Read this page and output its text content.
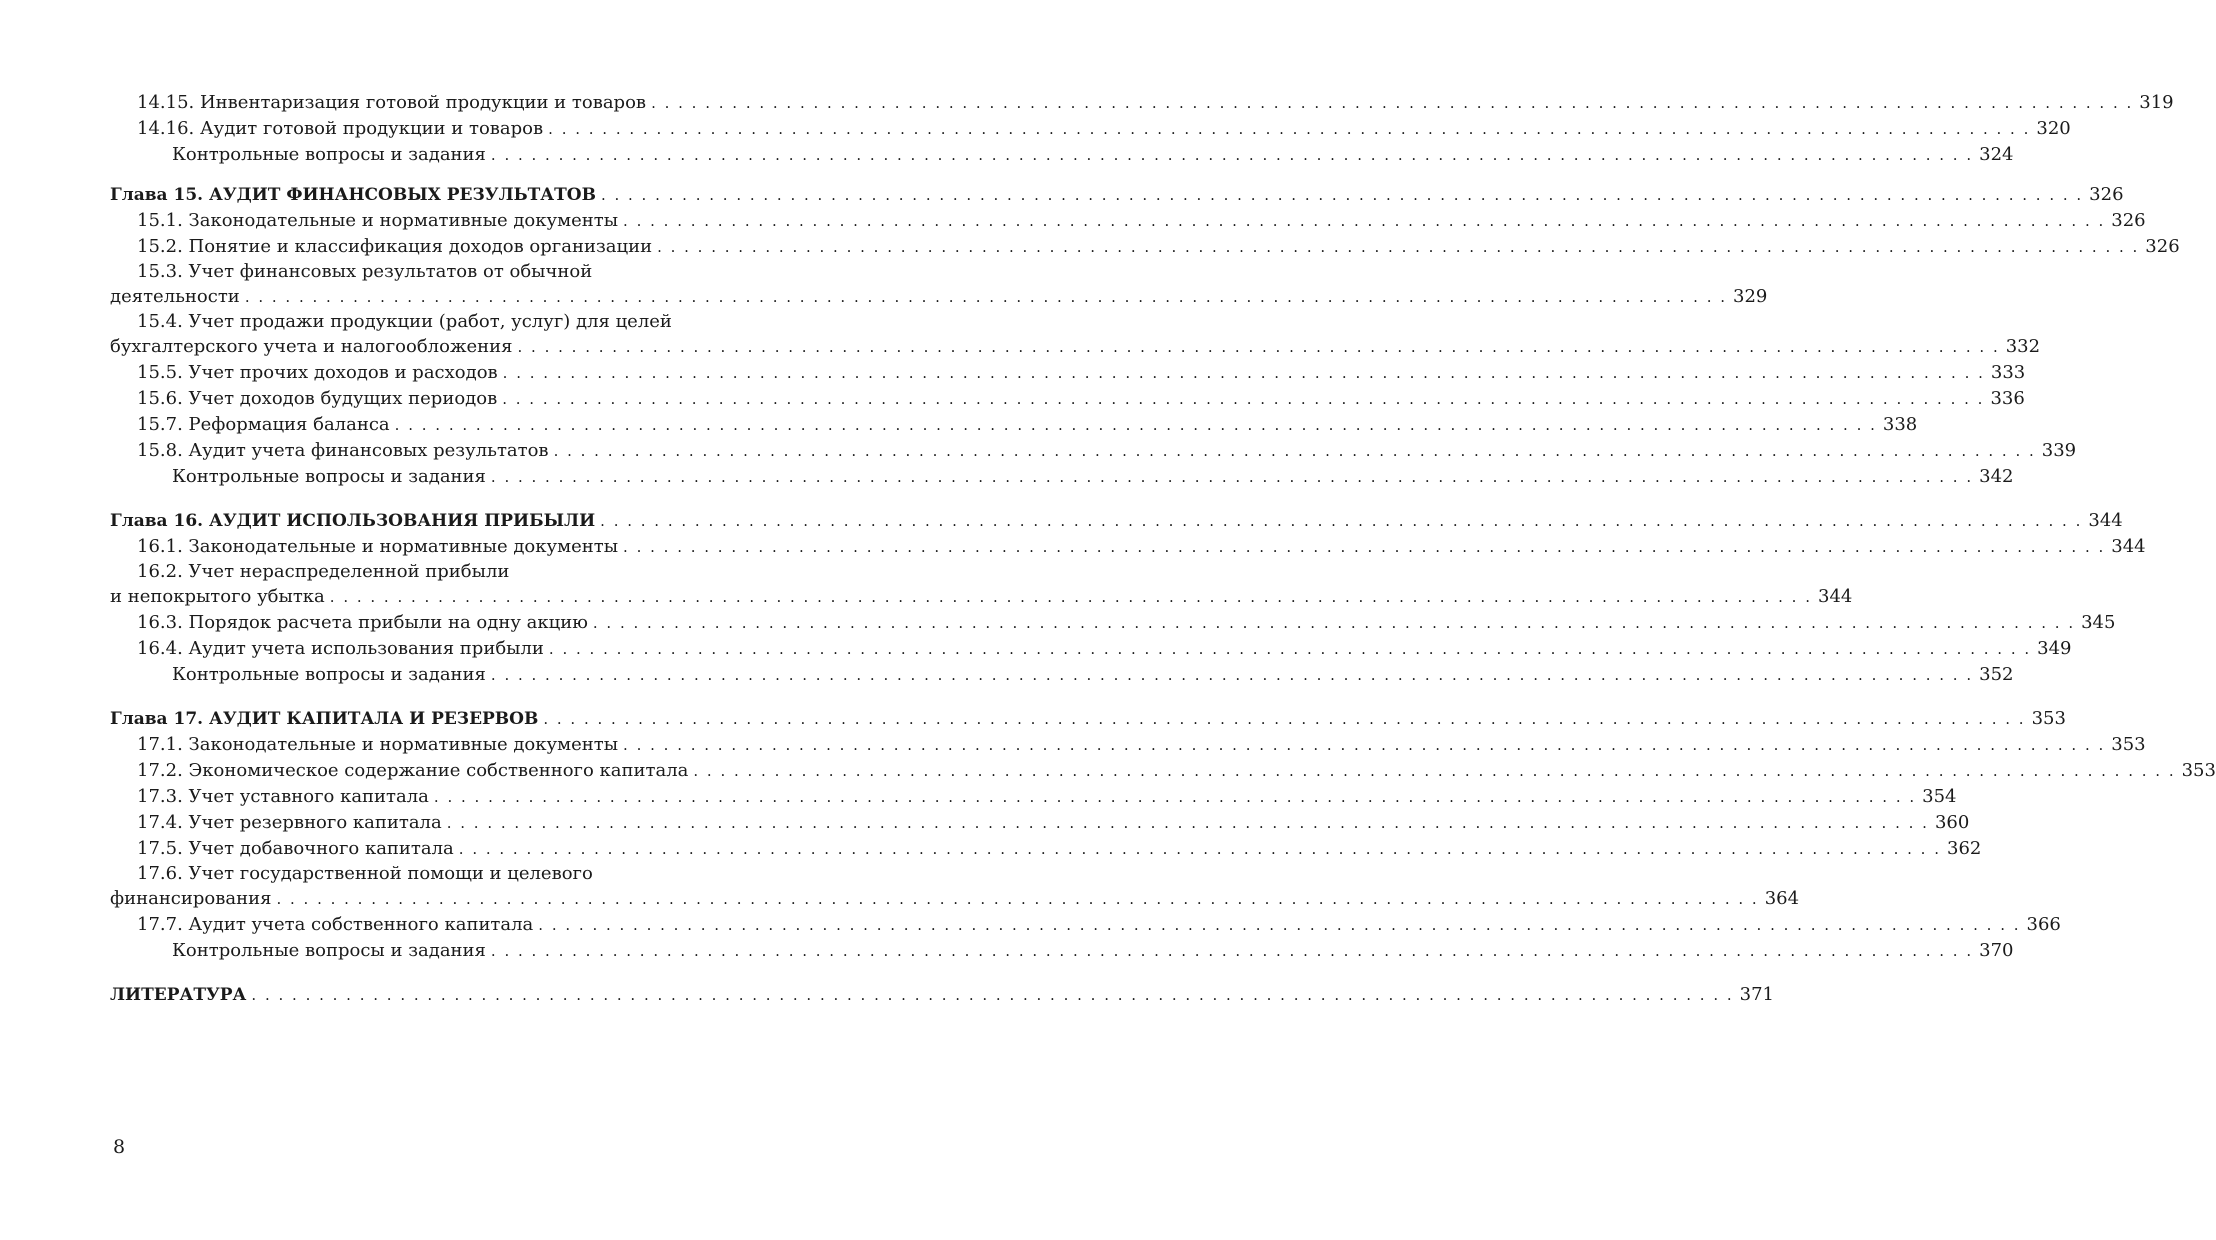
14.15. Инвентаризация готовой продукции и товаров . . .	319
14.16. Аудит готовой продукции и товаров . . .	320
Контрольные вопросы и задания . . .	324
Глава 15. АУДИТ ФИНАНСОВЫХ РЕЗУЛЬТАТОВ . . .	326
15.1. Законодательные и нормативные документы . . .	326
15.2. Понятие и классификация доходов организации . . .	326
15.3. Учет финансовых результатов от обычной
деятельности . . .	329
15.4. Учет продажи продукции (работ, услуг) для целей
бухгалтерского учета и налогообложения . . .	332
15.5. Учет прочих доходов и расходов . . .	333
15.6. Учет доходов будущих периодов . . .	336
15.7. Реформация баланса . . .	338
15.8. Аудит учета финансовых результатов . . .	339
Контрольные вопросы и задания . . .	342
Глава 16. АУДИТ ИСПОЛЬЗОВАНИЯ ПРИБЫЛИ . . .	344
16.1. Законодательные и нормативные документы . . .	344
16.2. Учет нераспределенной прибыли
и непокрытого убытка . . .	344
16.3. Порядок расчета прибыли на одну акцию . . .	345
16.4. Аудит учета использования прибыли . . .	349
Контрольные вопросы и задания . . .	352
Глава 17. АУДИТ КАПИТАЛА И РЕЗЕРВОВ . . .	353
17.1. Законодательные и нормативные документы . . .	353
17.2. Экономическое содержание собственного капитала . . .	353
17.3. Учет уставного капитала . . .	354
17.4. Учет резервного капитала . . .	360
17.5. Учет добавочного капитала . . .	362
17.6. Учет государственной помощи и целевого
финансирования . . .	364
17.7. Аудит учета собственного капитала . . .	366
Контрольные вопросы и задания . . .	370
ЛИТЕРАТУРА . . .	371
8
